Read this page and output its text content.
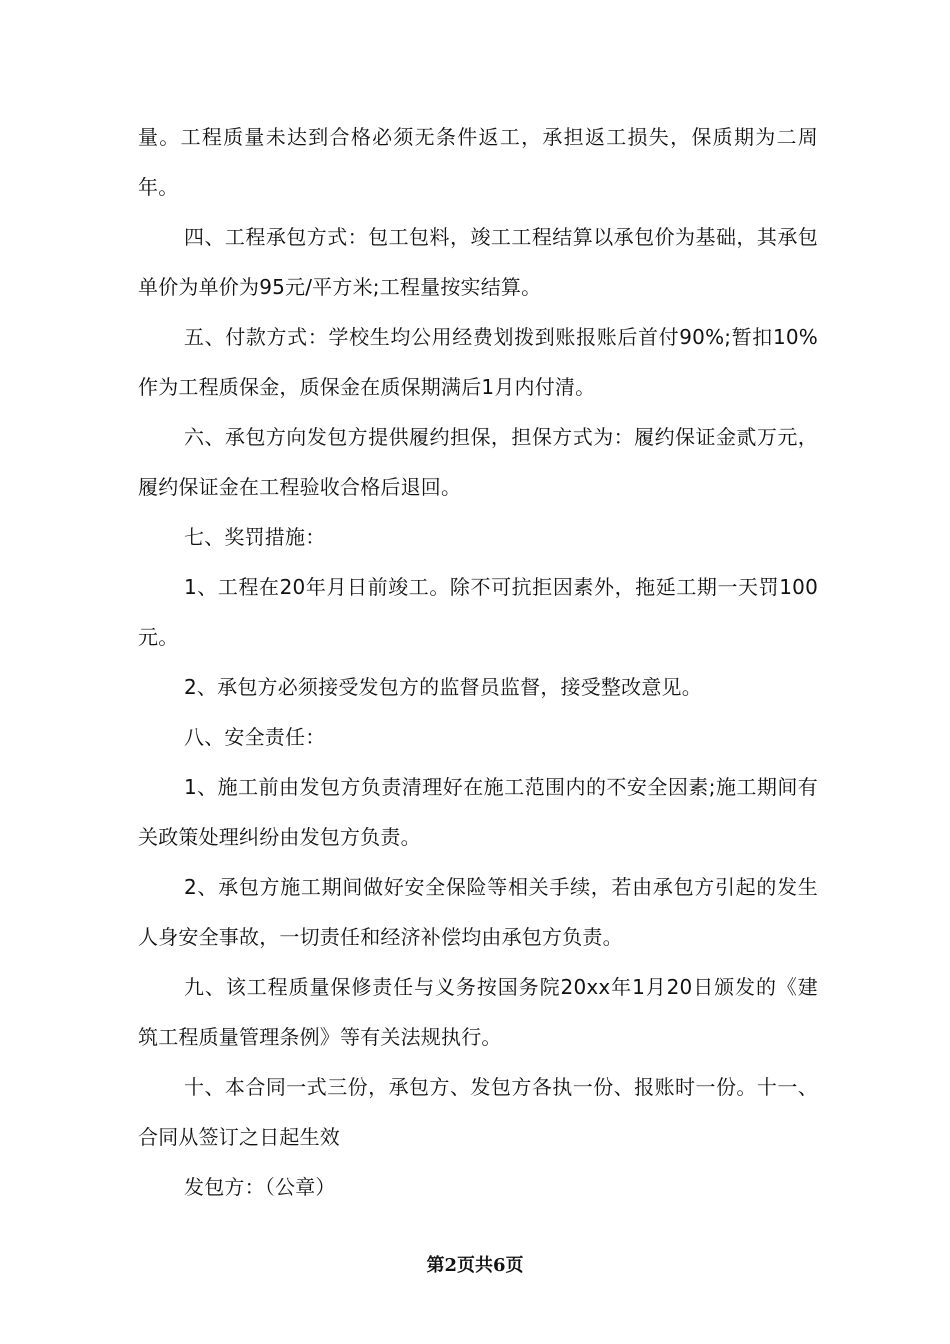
量。工程质量未达到合格必须无条件返工，承担返工损失，保质期为二周年。

四、工程承包方式：包工包料，竣工工程结算以承包价为基础，其承包单价为单价为95元/平方米;工程量按实结算。

五、付款方式：学校生均公用经费划拨到账报账后首付90%;暂扣10%作为工程质保金，质保金在质保期满后1月内付清。

六、承包方向发包方提供履约担保，担保方式为：履约保证金贰万元，履约保证金在工程验收合格后退回。

七、奖罚措施：

1、工程在20年月日前竣工。除不可抗拒因素外，拖延工期一天罚100元。

2、承包方必须接受发包方的监督员监督，接受整改意见。

八、安全责任：

1、施工前由发包方负责清理好在施工范围内的不安全因素;施工期间有关政策处理纠纷由发包方负责。

2、承包方施工期间做好安全保险等相关手续，若由承包方引起的发生人身安全事故，一切责任和经济补偿均由承包方负责。

九、该工程质量保修责任与义务按国务院20xx年1月20日颁发的《建筑工程质量管理条例》等有关法规执行。

十、本合同一式三份，承包方、发包方各执一份、报账时一份。十一、合同从签订之日起生效

发包方：（公章）

第2页共6页
